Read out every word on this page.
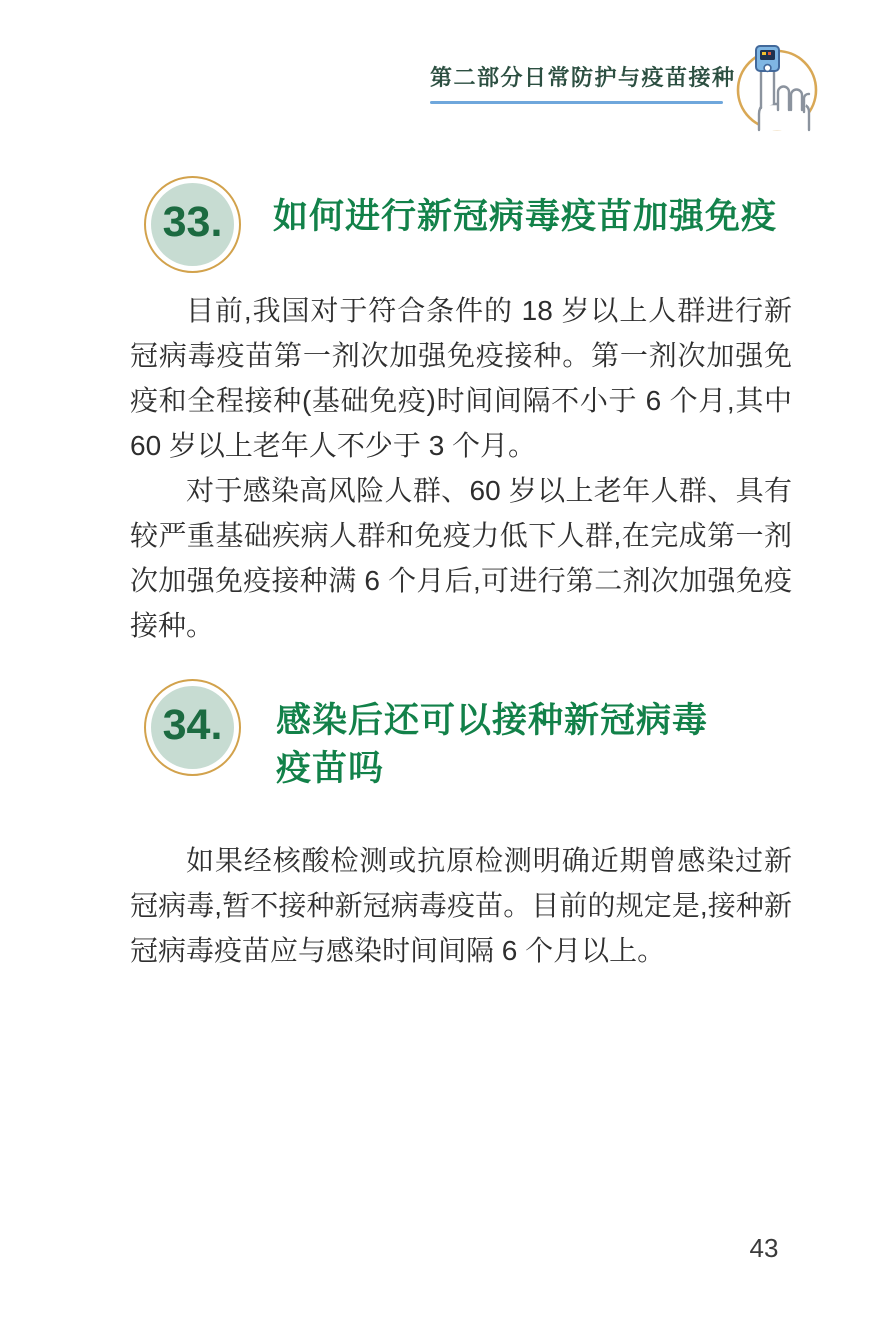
第二部分 日常防护与疫苗接种
33.	如何进行新冠病毒疫苗加强免疫

目前,我国对于符合条件的 18 岁以上人群进行新冠病毒疫苗第一剂次加强免疫接种。第一剂次加强免疫和全程接种(基础免疫)时间间隔不小于 6 个月,其中 60 岁以上老年人不少于 3 个月。

对于感染高风险人群、60 岁以上老年人群、具有较严重基础疾病人群和免疫力低下人群,在完成第一剂次加强免疫接种满 6 个月后,可进行第二剂次加强免疫接种。

34.	感染后还可以接种新冠病毒疫苗吗

如果经核酸检测或抗原检测明确近期曾感染过新冠病毒,暂不接种新冠病毒疫苗。目前的规定是,接种新冠病毒疫苗应与感染时间间隔 6 个月以上。

43
